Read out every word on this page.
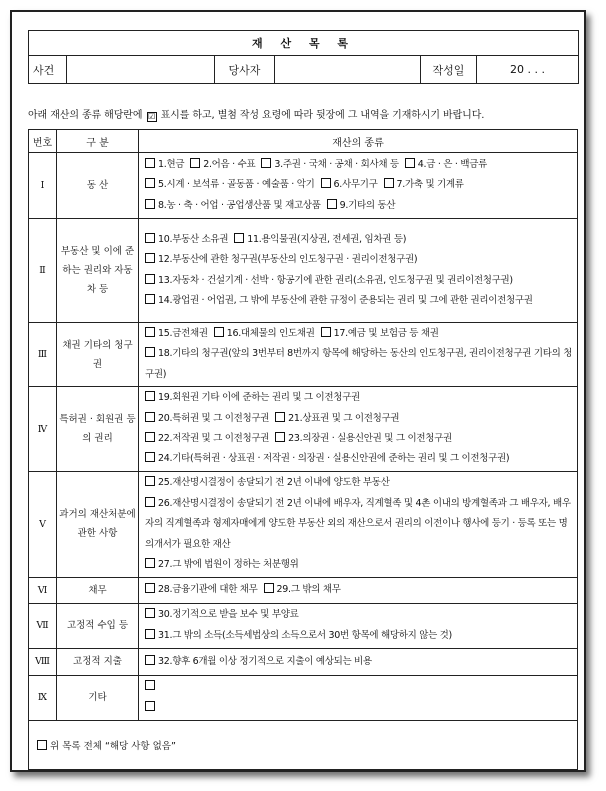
재 산 목 록
사건		당사자		작성일	20 . . .
아래 재산의 종류 해당란에 ☑ 표시를 하고, 별첨 작성 요령에 따라 뒷장에 그 내역을 기재하시기 바랍니다.
번호	구 분	재산의 종류
Ⅰ	동 산	1.현금 2.어음 · 수표 3.주권 · 국채 · 공채 · 회사채 등 4.금 · 은 · 백금류
5.시계 · 보석류 · 골동품 · 예술품 · 악기 6.사무기구 7.가축 및 기계류
8.농 · 축 · 어업 · 공업생산품 및 재고상품 9.기타의 동산

Ⅱ	부동산 및 이에 준하는 권리와 자동차 등	10.부동산 소유권 11.용익물권(지상권, 전세권, 임차권 등)
12.부동산에 관한 청구권(부동산의 인도청구권 · 권리이전청구권)
13.자동차 · 건설기계 · 선박 · 항공기에 관한 권리(소유권, 인도청구권 및 권리이전청구권)
14.광업권 · 어업권, 그 밖에 부동산에 관한 규정이 준용되는 권리 및 그에 관한 권리이전청구권

Ⅲ	채권 기타의 청구권	15.금전채권 16.대체물의 인도채권 17.예금 및 보험금 등 채권
18.기타의 청구권(앞의 3번부터 8번까지 항목에 해당하는 동산의 인도청구권, 권리이전청구권 기타의 청구권)

Ⅳ	특허권 · 회원권 등의 권리	19.회원권 기타 이에 준하는 권리 및 그 이전청구권
20.특허권 및 그 이전청구권 21.상표권 및 그 이전청구권
22.저작권 및 그 이전청구권 23.의장권 · 실용신안권 및 그 이전청구권
24.기타(특허권 · 상표권 · 저작권 · 의장권 · 실용신안권에 준하는 권리 및 그 이전청구권)

Ⅴ	과거의 재산처분에 관한 사항	25.재산명시결정이 송달되기 전 2년 이내에 양도한 부동산
26.재산명시결정이 송달되기 전 2년 이내에 배우자, 직계혈족 및 4촌 이내의 방계혈족과 그 배우자, 배우자의 직계혈족과 형제자매에게 양도한 부동산 외의 재산으로서 권리의 이전이나 행사에 등기 · 등록 또는 명의개서가 필요한 재산
27.그 밖에 법원이 정하는 처분행위

Ⅵ	채무	28.금융기관에 대한 채무 29.그 밖의 채무

Ⅶ	고정적 수입 등	30.정기적으로 받을 보수 및 부양료
31.그 밖의 소득(소득세법상의 소득으로서 30번 항목에 해당하지 않는 것)

Ⅷ	고정적 지출	32.향후 6개월 이상 정기적으로 지출이 예상되는 비용

Ⅸ	기타	

위 목록 전체 “해당 사항 없음”		
